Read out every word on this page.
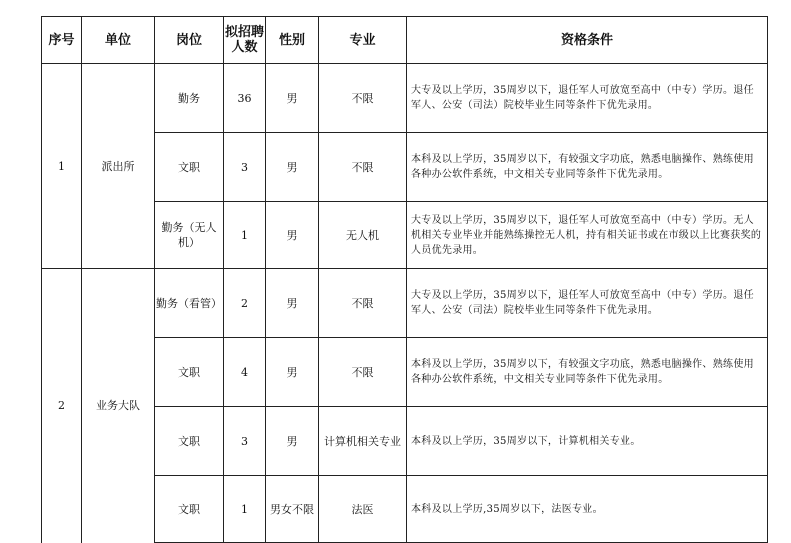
序号	单位	岗位	拟招聘人数	性别	专业	资格条件
1	派出所	勤务	36	男	不限	大专及以上学历，35周岁以下，退任军人可放宽至高中（中专）学历。退任军人、公安（司法）院校毕业生同等条件下优先录用。
		文职	3	男	不限	本科及以上学历，35周岁以下，有较强文字功底，熟悉电脑操作、熟练使用各种办公软件系统，中文相关专业同等条件下优先录用。
		勤务（无人机）	1	男	无人机	大专及以上学历，35周岁以下，退任军人可放宽至高中（中专）学历。无人机相关专业毕业并能熟练操控无人机，持有相关证书或在市级以上比赛获奖的人员优先录用。
2	业务大队	勤务（看管）	2	男	不限	大专及以上学历，35周岁以下，退任军人可放宽至高中（中专）学历。退任军人、公安（司法）院校毕业生同等条件下优先录用。
		文职	4	男	不限	本科及以上学历，35周岁以下，有较强文字功底，熟悉电脑操作、熟练使用各种办公软件系统，中文相关专业同等条件下优先录用。
		文职	3	男	计算机相关专业	本科及以上学历，35周岁以下，计算机相关专业。
		文职	1	男女不限	法医	本科及以上学历,35周岁以下，法医专业。
